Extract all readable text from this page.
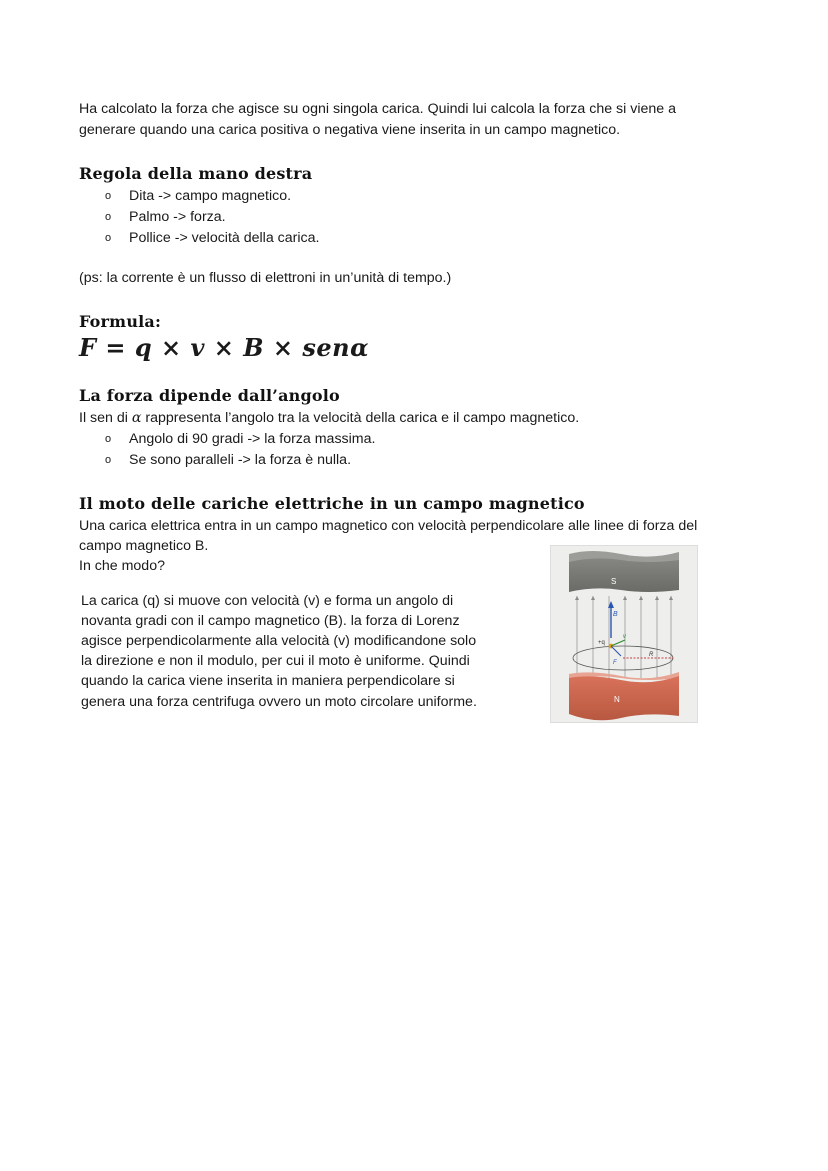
Ha calcolato la forza che agisce su ogni singola carica. Quindi lui calcola la forza che si viene a

generare quando una carica positiva o negativa viene inserita in un campo magnetico.

Regola della mano destra
o Dita -> campo magnetico.
o Palmo -> forza.
o Pollice -> velocità della carica.

(ps: la corrente è un flusso di elettroni in un’unità di tempo.)

Formula:

F = q × v × B × senα

La forza dipende dall’angolo

Il sen di α rappresenta l’angolo tra la velocità della carica e il campo magnetico.

o Angolo di 90 gradi -> la forza massima.
o Se sono paralleli -> la forza è nulla.
Il moto delle cariche elettriche in un campo magnetico

Una carica elettrica entra in un campo magnetico con velocità perpendicolare alle linee di forza del

campo magnetico B.

In che modo?

La carica (q) si muove con velocità (v) e forma un angolo di

novanta gradi con il campo magnetico (B). la forza di Lorenz

agisce perpendicolarmente alla velocità (v) modificandone solo

la direzione e non il modulo, per cui il moto è uniforme. Quindi

quando la carica viene inserita in maniera perpendicolare si

genera una forza centrifuga ovvero un moto circolare uniforme.

S
B
R
+q
v
F
N
